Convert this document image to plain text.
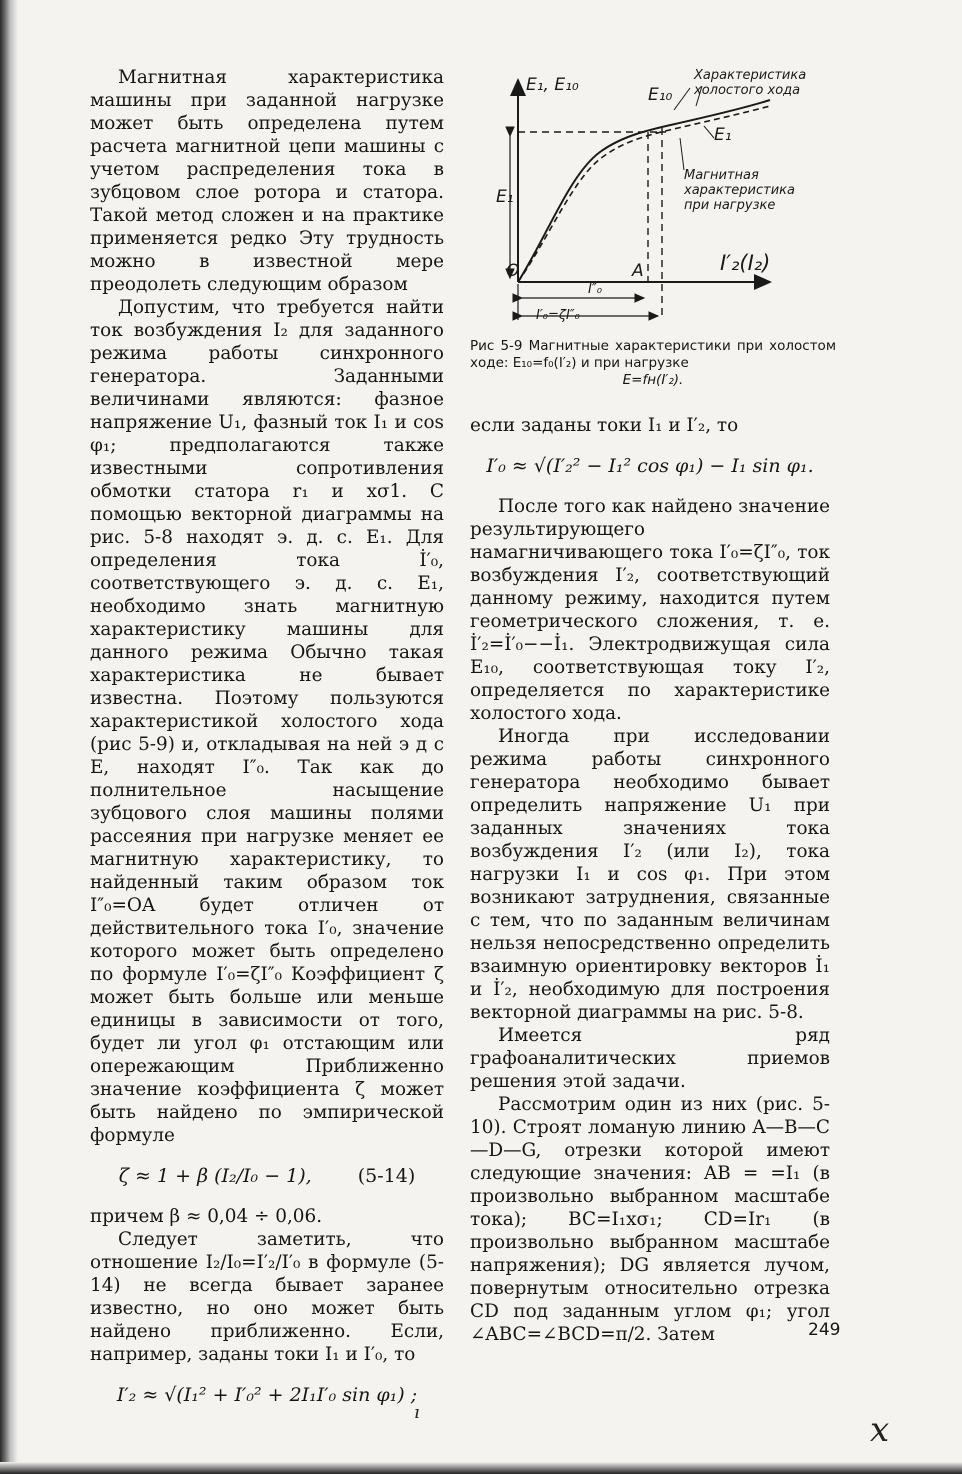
Магнитная характеристика машины при заданной нагрузке может быть определена путем расчета магнитной цепи машины с учетом распределения тока в зубцовом слое ротора и статора. Такой метод сложен и на практике применяется редко Эту трудность можно в известной мере преодолеть следующим образом

Допустим, что требуется найти ток возбуждения I₂ для заданного режима работы синхронного генератора. Заданными величинами являются: фазное напряжение U₁, фазный ток I₁ и cos φ₁; предполагаются также известными сопротивления обмотки статора r₁ и xσ1. С помощью векторной диаграммы на рис. 5-8 находят э. д. с. E₁. Для определения тока İ′₀, соответствующего э. д. с. E₁, необходимо знать магнитную характеристику машины для данного режима Обычно такая характеристика не бывает известна. Поэтому пользуются характеристикой холостого хода (рис 5-9) и, откладывая на ней э д с E, находят I″₀. Так как до полнительное насыщение зубцового слоя машины полями рассеяния при нагрузке меняет ее магнитную характеристику, то найденный таким образом ток I″₀=OA будет отличен от действительного тока I′₀, значение которого может быть определено по формуле I′₀=ζI″₀ Коэффициент ζ может быть больше или меньше единицы в зависимости от того, будет ли угол φ₁ отстающим или опережающим Приближенно значение коэффициента ζ может быть найдено по эмпирической формуле

ζ ≈ 1 + β (I₂/I₀ − 1), (5-14)

причем β ≈ 0,04 ÷ 0,06.

Следует заметить, что отношение I₂/I₀=I′₂/I′₀ в формуле (5-14) не всегда бывает заранее известно, но оно может быть найдено приближенно. Если, например, заданы токи I₁ и I′₀, то

I′₂ ≈ √(I₁² + I′₀² + 2I₁I′₀ sin φ₁) ;
E₁, E₁₀	E₁₀
E₁
E₁
O	A	I′₂(I₂)
I″₀
I′₀=ζI″₀
Характеристика холостого хода
Магнитная характеристика при нагрузке
Рис 5-9 Магнитные характеристики при холостом ходе: E₁₀=f₀(I′₂) и при нагрузке
E=fн(I′₂).

если заданы токи I₁ и I′₂, то

I′₀ ≈ √(I′₂² − I₁² cos φ₁) − I₁ sin φ₁.

После того как найдено значение результирующего намагничивающего тока I′₀=ζI″₀, ток возбуждения I′₂, соответствующий данному режиму, находится путем геометрического сложения, т. е. İ′₂=İ′₀−−İ₁. Электродвижущая сила E₁₀, соответствующая току I′₂, определяется по характеристике холостого хода.

Иногда при исследовании режима работы синхронного генератора необходимо бывает определить напряжение U₁ при заданных значениях тока возбуждения I′₂ (или I₂), тока нагрузки I₁ и cos φ₁. При этом возникают затруднения, связанные с тем, что по заданным величинам нельзя непосредственно определить взаимную ориентировку векторов İ₁ и İ′₂, необходимую для построения векторной диаграммы на рис. 5-8.

Имеется ряд графоаналитических приемов решения этой задачи.

Рассмотрим один из них (рис. 5-10). Строят ломаную линию A—B—C—D—G, отрезки которой имеют следующие значения: AB = =I₁ (в произвольно выбранном масштабе тока); BC=I₁xσ₁; CD=Ir₁ (в произвольно выбранном масштабе напряжения); DG является лучом, повернутым относительно отрезка CD под заданным углом φ₁; угол ∠ABC=∠BCD=π/2. Затем	249
ı	x
